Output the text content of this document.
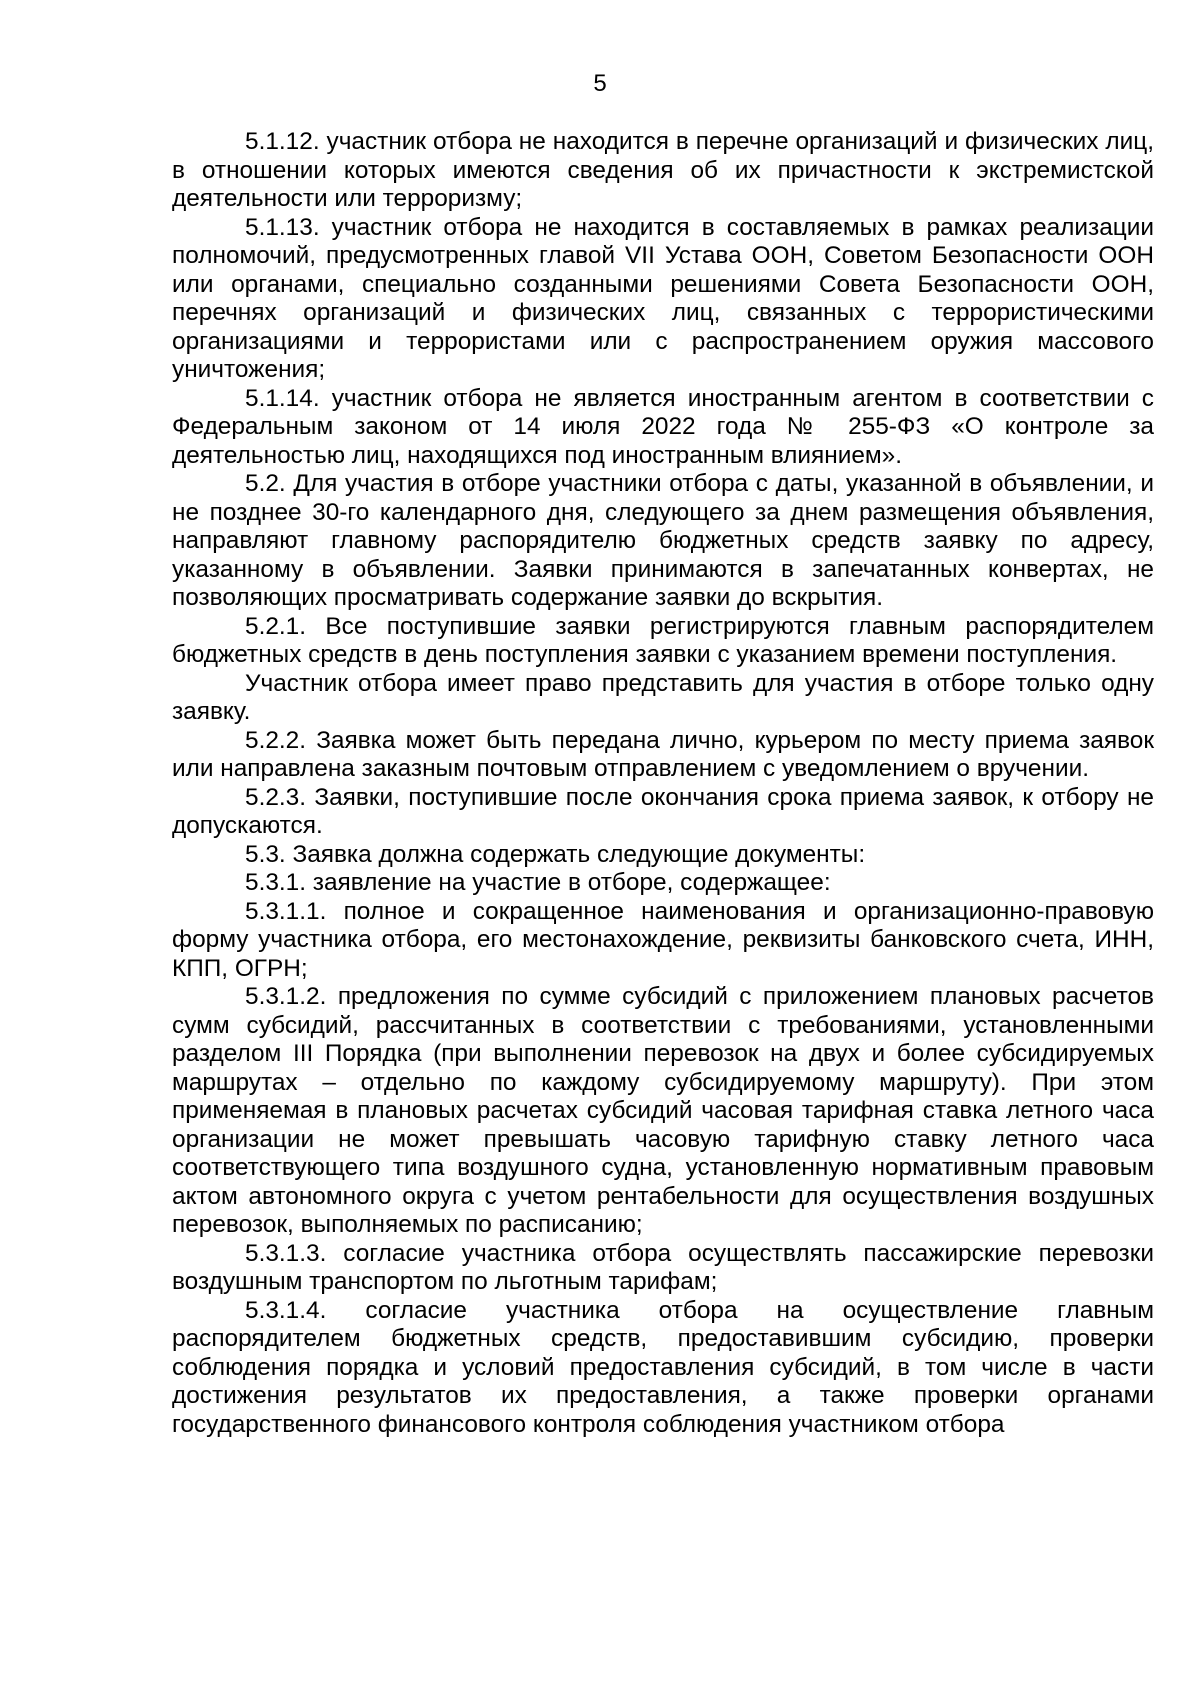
5

5.1.12. участник отбора не находится в перечне организаций и физических лиц, в отношении которых имеются сведения об их причастности к экстремистской деятельности или терроризму;

5.1.13. участник отбора не находится в составляемых в рамках реализации полномочий, предусмотренных главой VII Устава ООН, Советом Безопасности ООН или органами, специально созданными решениями Совета Безопасности ООН, перечнях организаций и физических лиц, связанных с террористическими организациями и террористами или с распространением оружия массового уничтожения;

5.1.14. участник отбора не является иностранным агентом в соответствии с Федеральным законом от 14 июля 2022 года № 255-ФЗ «О контроле за деятельностью лиц, находящихся под иностранным влиянием».

5.2. Для участия в отборе участники отбора с даты, указанной в объявлении, и не позднее 30-го календарного дня, следующего за днем размещения объявления, направляют главному распорядителю бюджетных средств заявку по адресу, указанному в объявлении. Заявки принимаются в запечатанных конвертах, не позволяющих просматривать содержание заявки до вскрытия.

5.2.1. Все поступившие заявки регистрируются главным распорядителем бюджетных средств в день поступления заявки с указанием времени поступления.

Участник отбора имеет право представить для участия в отборе только одну заявку.

5.2.2. Заявка может быть передана лично, курьером по месту приема заявок или направлена заказным почтовым отправлением с уведомлением о вручении.

5.2.3. Заявки, поступившие после окончания срока приема заявок, к отбору не допускаются.

5.3. Заявка должна содержать следующие документы:

5.3.1. заявление на участие в отборе, содержащее:

5.3.1.1. полное и сокращенное наименования и организационно-правовую форму участника отбора, его местонахождение, реквизиты банковского счета, ИНН, КПП, ОГРН;

5.3.1.2. предложения по сумме субсидий с приложением плановых расчетов сумм субсидий, рассчитанных в соответствии с требованиями, установленными разделом III Порядка (при выполнении перевозок на двух и более субсидируемых маршрутах – отдельно по каждому субсидируемому маршруту). При этом применяемая в плановых расчетах субсидий часовая тарифная ставка летного часа организации не может превышать часовую тарифную ставку летного часа соответствующего типа воздушного судна, установленную нормативным правовым актом автономного округа с учетом рентабельности для осуществления воздушных перевозок, выполняемых по расписанию;

5.3.1.3. согласие участника отбора осуществлять пассажирские перевозки воздушным транспортом по льготным тарифам;

5.3.1.4. согласие участника отбора на осуществление главным распорядителем бюджетных средств, предоставившим субсидию, проверки соблюдения порядка и условий предоставления субсидий, в том числе в части достижения результатов их предоставления, а также проверки органами государственного финансового контроля соблюдения участником отбора
